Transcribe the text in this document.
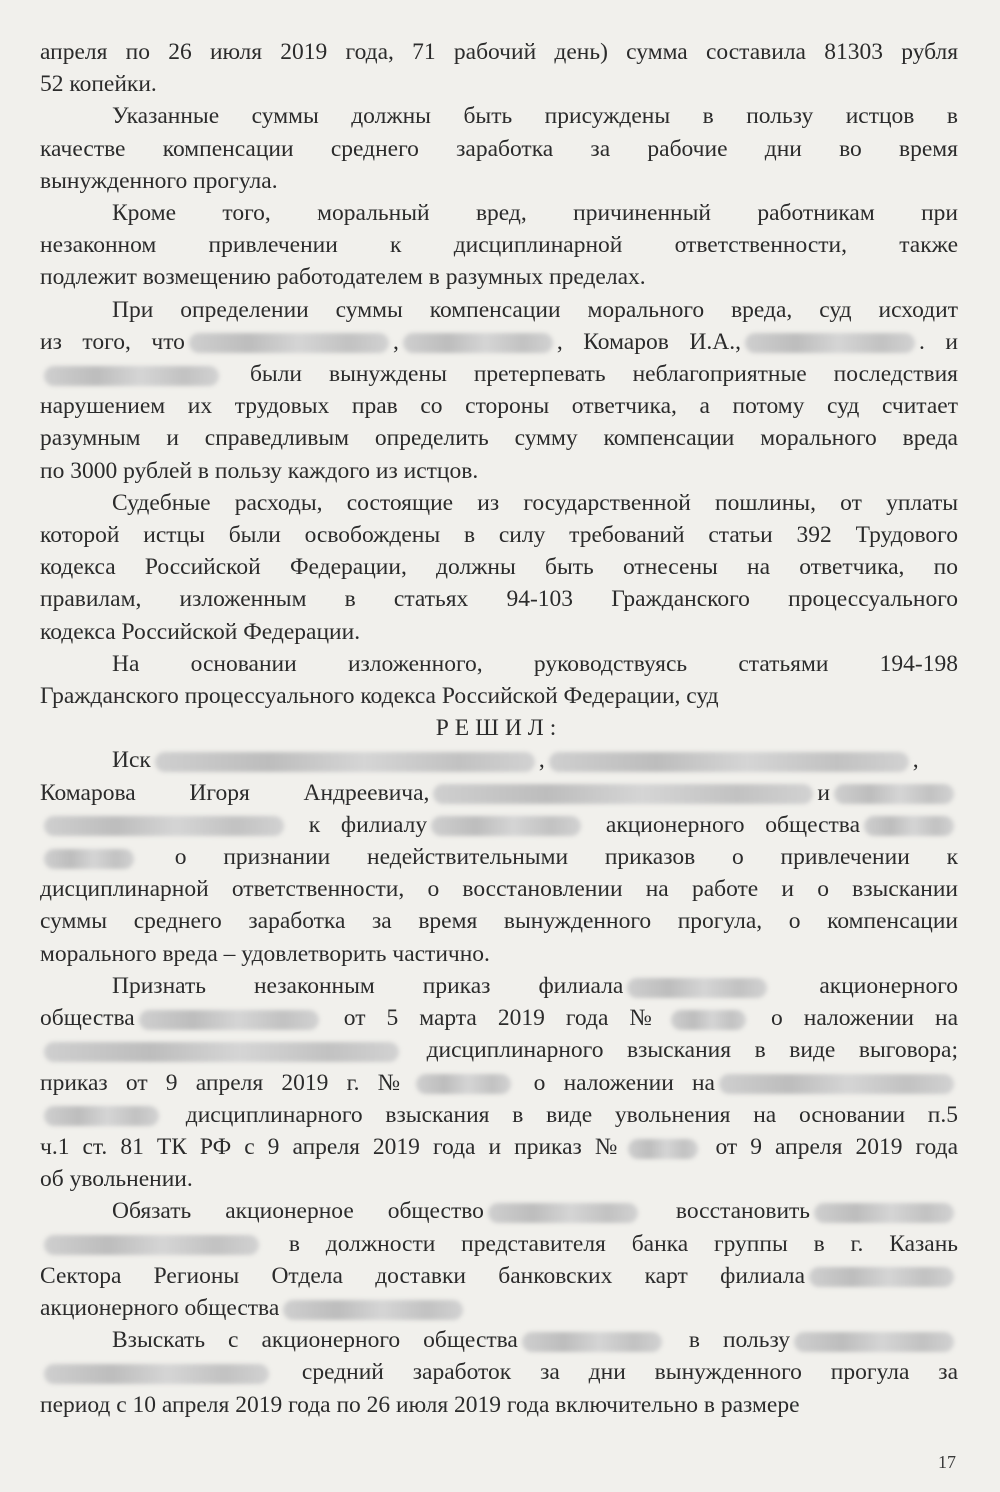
апреля по 26 июля 2019 года, 71 рабочий день) сумма составила 81303 рубля

52 копейки.

Указанные суммы должны быть присуждены в пользу истцов в

качестве компенсации среднего заработка за рабочие дни во время

вынужденного прогула.

Кроме того, моральный вред, причиненный работникам при

незаконном привлечении к дисциплинарной ответственности, также

подлежит возмещению работодателем в разумных пределах.

При определении суммы компенсации морального вреда, суд исходит

из того, что	,	, Комаров И.А.,	. и

были вынуждены претерпевать неблагоприятные последствия

нарушением их трудовых прав со стороны ответчика, а потому суд считает

разумным и справедливым определить сумму компенсации морального вреда

по 3000 рублей в пользу каждого из истцов.

Судебные расходы, состоящие из государственной пошлины, от уплаты

которой истцы были освобождены в силу требований статьи 392 Трудового

кодекса Российской Федерации, должны быть отнесены на ответчика, по

правилам, изложенным в статьях 94-103 Гражданского процессуального

кодекса Российской Федерации.

На основании изложенного, руководствуясь статьями 194-198

Гражданского процессуального кодекса Российской Федерации, суд

РЕШИЛ:

Иск	,	,

Комарова Игоря Андреевича,	и

к филиалу	акционерного общества

о признании недействительными приказов о привлечении к

дисциплинарной ответственности, о восстановлении на работе и о взыскании

суммы среднего заработка за время вынужденного прогула, о компенсации

морального вреда – удовлетворить частично.

Признать незаконным приказ филиала	акционерного

общества	от 5 марта 2019 года №	о наложении на

дисциплинарного взыскания в виде выговора;

приказ от 9 апреля 2019 г. №	о наложении на

дисциплинарного взыскания в виде увольнения на основании п.5

ч.1 ст. 81 ТК РФ с 9 апреля 2019 года и приказ №	от 9 апреля 2019 года

об увольнении.

Обязать акционерное общество	восстановить

в должности представителя банка группы в г. Казань

Сектора Регионы Отдела доставки банковских карт филиала

акционерного общества

Взыскать с акционерного общества	в пользу

средний заработок за дни вынужденного прогула за

период с 10 апреля 2019 года по 26 июля 2019 года включительно в размере

17
